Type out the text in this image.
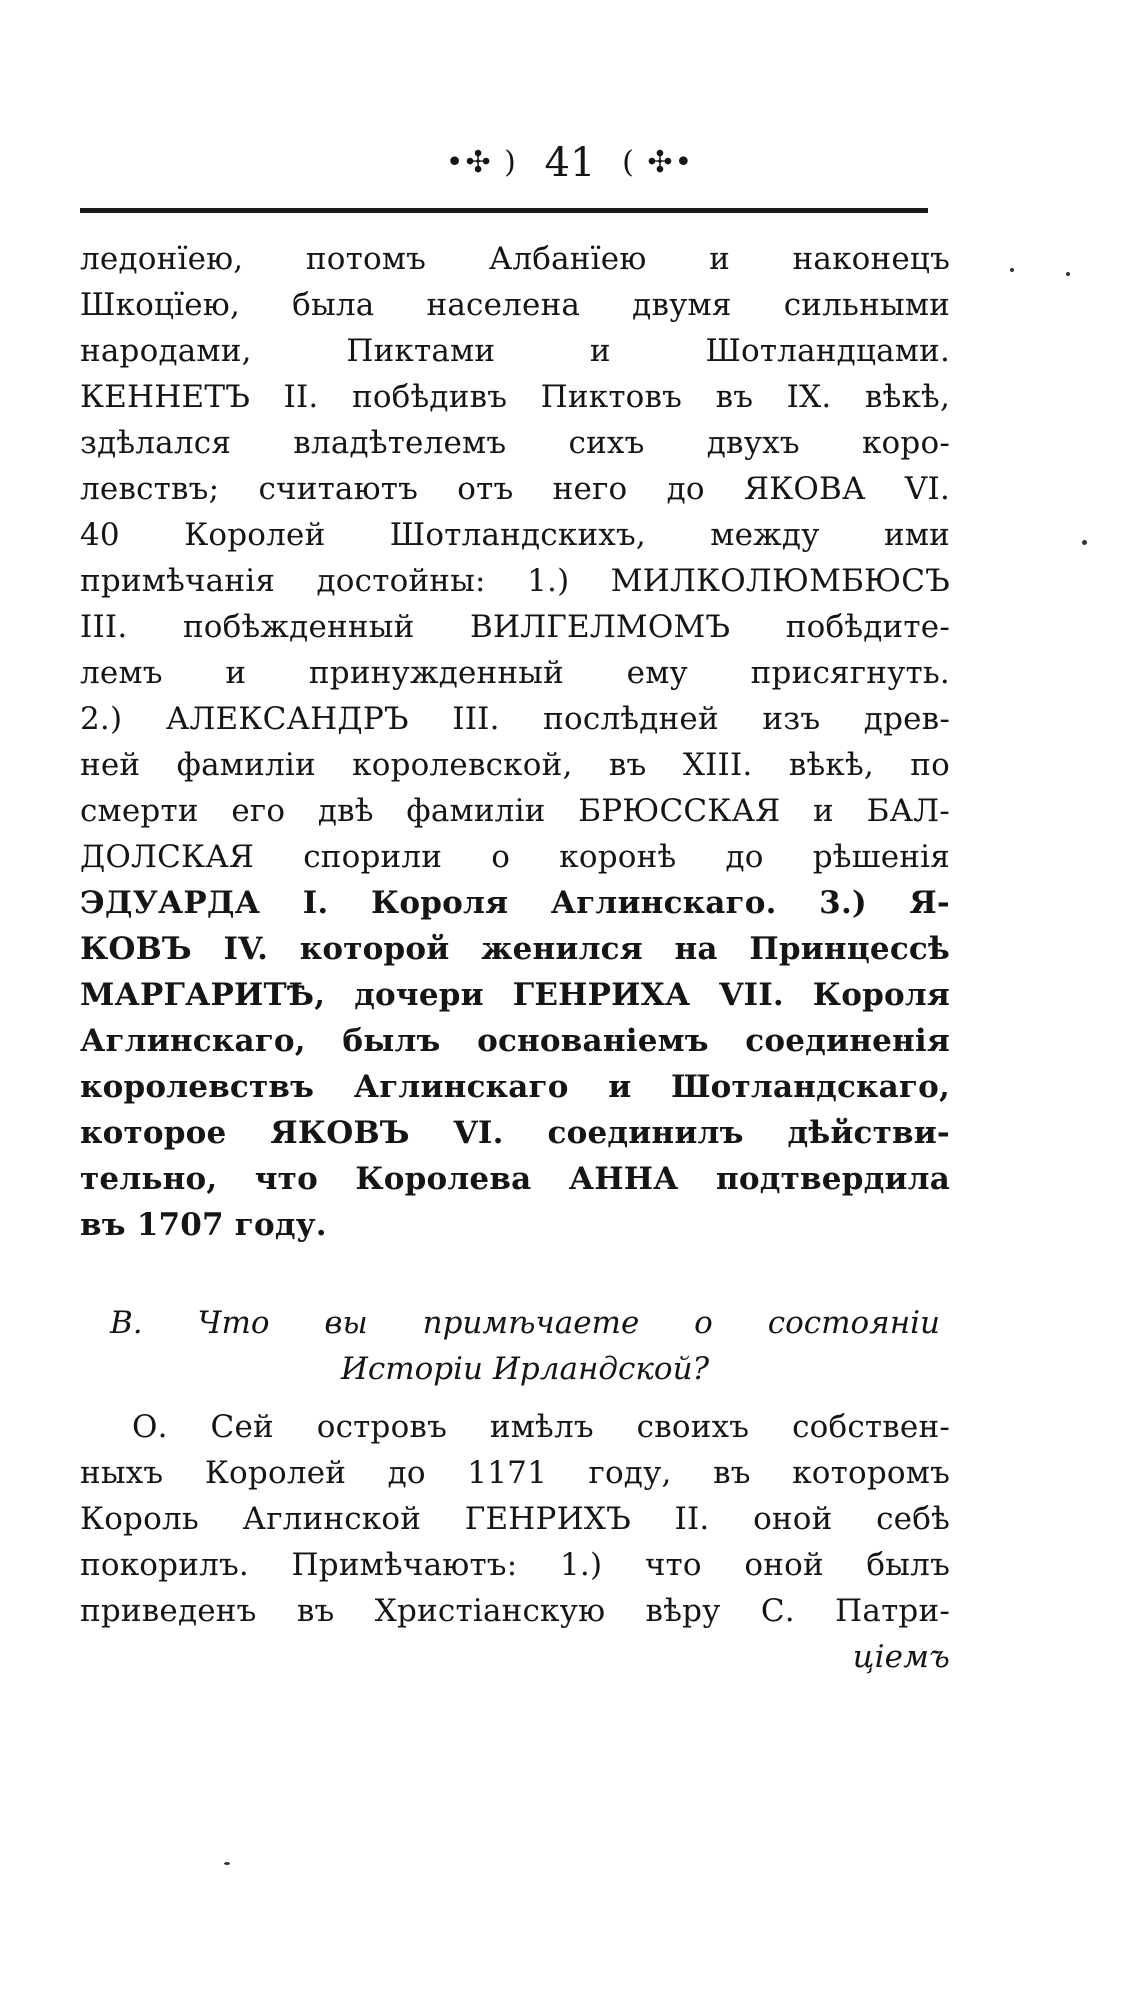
•✣ ) 41 ( ✣•
ледонїею, потомъ Албанїею и наконецъ
Шкоцїею, была населена двумя сильными
народами, Пиктами и Шотландцами.
КЕННЕТЪ II. побѣдивъ Пиктовъ въ IX. вѣкѣ,
здѣлался владѣтелемъ сихъ двухъ коро-
левствъ; считаютъ отъ него до ЯКОВА VI.
40 Королей Шотландскихъ, между ими
примѣчанія достойны: 1.) МИЛКОЛЮМБЮСЪ
III. побѣжденный ВИЛГЕЛМОМЪ побѣдите-
лемъ и принужденный ему присягнуть.
2.) АЛЕКСАНДРЪ III. послѣдней изъ древ-
ней фамиліи королевской, въ XIII. вѣкѣ, по
смерти его двѣ фамиліи БРЮССКАЯ и БАЛ-
ДОЛСКАЯ спорили о коронѣ до рѣшенія
ЭДУАРДА I. Короля Аглинскаго. 3.) Я-
КОВЪ IV. которой женился на Принцессѣ
МАРГАРИТѢ, дочери ГЕНРИХА VII. Короля
Аглинскаго, былъ основаніемъ соединенія
королевствъ Аглинскаго и Шотландскаго,
которое ЯКОВЪ VI. соединилъ дѣйстви-
тельно, что Королева АННА подтвердила
въ 1707 году.
В. Что вы примѣчаете о состояніи
Исторіи Ирландской?
О. Сей островъ имѣлъ своихъ собствен-
ныхъ Королей до 1171 году, въ которомъ
Король Аглинской ГЕНРИХЪ II. оной себѣ
покорилъ. Примѣчаютъ: 1.) что оной былъ
приведенъ въ Христіанскую вѣру С. Патри-
ціемъ
